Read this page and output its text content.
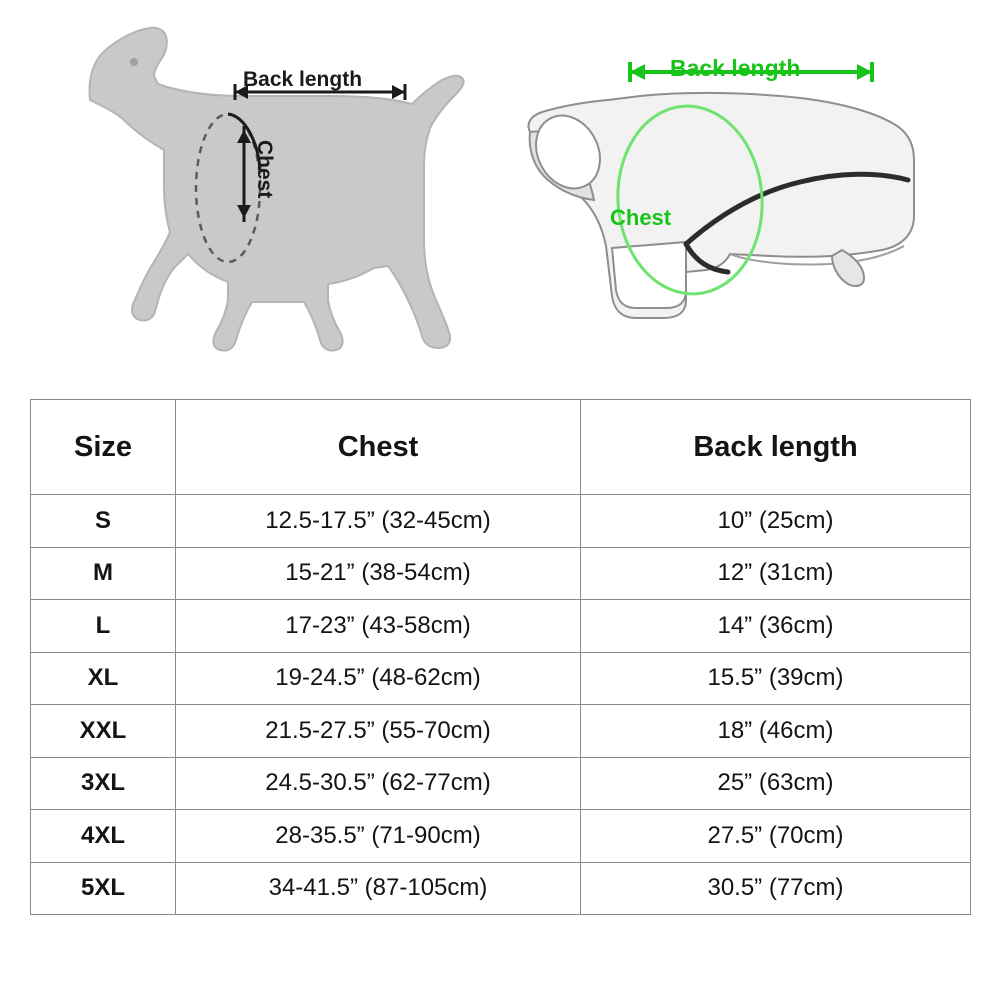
Back length
Chest
Back length
Chest
Size	Chest	Back length
S	12.5-17.5” (32-45cm)	10” (25cm)
M	15-21” (38-54cm)	12” (31cm)
L	17-23” (43-58cm)	14” (36cm)
XL	19-24.5” (48-62cm)	15.5” (39cm)
XXL	21.5-27.5” (55-70cm)	18” (46cm)
3XL	24.5-30.5” (62-77cm)	25” (63cm)
4XL	28-35.5” (71-90cm)	27.5” (70cm)
5XL	34-41.5” (87-105cm)	30.5” (77cm)
